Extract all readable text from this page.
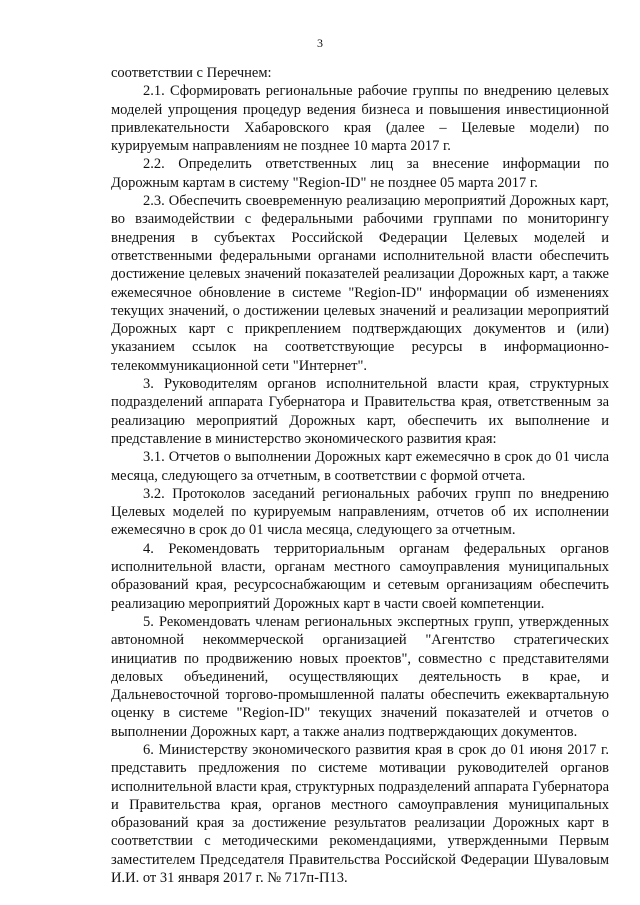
3

соответствии с Перечнем:

2.1. Сформировать региональные рабочие группы по внедрению целевых моделей упрощения процедур ведения бизнеса и повышения инвестиционной привлекательности Хабаровского края (далее – Целевые модели) по курируемым направлениям не позднее 10 марта 2017 г.

2.2. Определить ответственных лиц за внесение информации по Дорожным картам в систему "Region-ID" не позднее 05 марта 2017 г.

2.3. Обеспечить своевременную реализацию мероприятий Дорожных карт, во взаимодействии с федеральными рабочими группами по мониторингу внедрения в субъектах Российской Федерации Целевых моделей и ответственными федеральными органами исполнительной власти обеспечить достижение целевых значений показателей реализации Дорожных карт, а также ежемесячное обновление в системе "Region-ID" информации об изменениях текущих значений, о достижении целевых значений и реализации мероприятий Дорожных карт с прикреплением подтверждающих документов и (или) указанием ссылок на соответствующие ресурсы в информационно-телекоммуникационной сети "Интернет".

3. Руководителям органов исполнительной власти края, структурных подразделений аппарата Губернатора и Правительства края, ответственным за реализацию мероприятий Дорожных карт, обеспечить их выполнение и представление в министерство экономического развития края:

3.1. Отчетов о выполнении Дорожных карт ежемесячно в срок до 01 числа месяца, следующего за отчетным, в соответствии с формой отчета.

3.2. Протоколов заседаний региональных рабочих групп по внедрению Целевых моделей по курируемым направлениям, отчетов об их исполнении ежемесячно в срок до 01 числа месяца, следующего за отчетным.

4. Рекомендовать территориальным органам федеральных органов исполнительной власти, органам местного самоуправления муниципальных образований края, ресурсоснабжающим и сетевым организациям обеспечить реализацию мероприятий Дорожных карт в части своей компетенции.

5. Рекомендовать членам региональных экспертных групп, утвержденных автономной некоммерческой организацией "Агентство стратегических инициатив по продвижению новых проектов", совместно с представителями деловых объединений, осуществляющих деятельность в крае, и Дальневосточной торгово-промышленной палаты обеспечить ежеквартальную оценку в системе "Region-ID" текущих значений показателей и отчетов о выполнении Дорожных карт, а также анализ подтверждающих документов.

6. Министерству экономического развития края в срок до 01 июня 2017 г. представить предложения по системе мотивации руководителей органов исполнительной власти края, структурных подразделений аппарата Губернатора и Правительства края, органов местного самоуправления муниципальных образований края за достижение результатов реализации Дорожных карт в соответствии с методическими рекомендациями, утвержденными Первым заместителем Председателя Правительства Российской Федерации Шуваловым И.И. от 31 января 2017 г. № 717п-П13.
